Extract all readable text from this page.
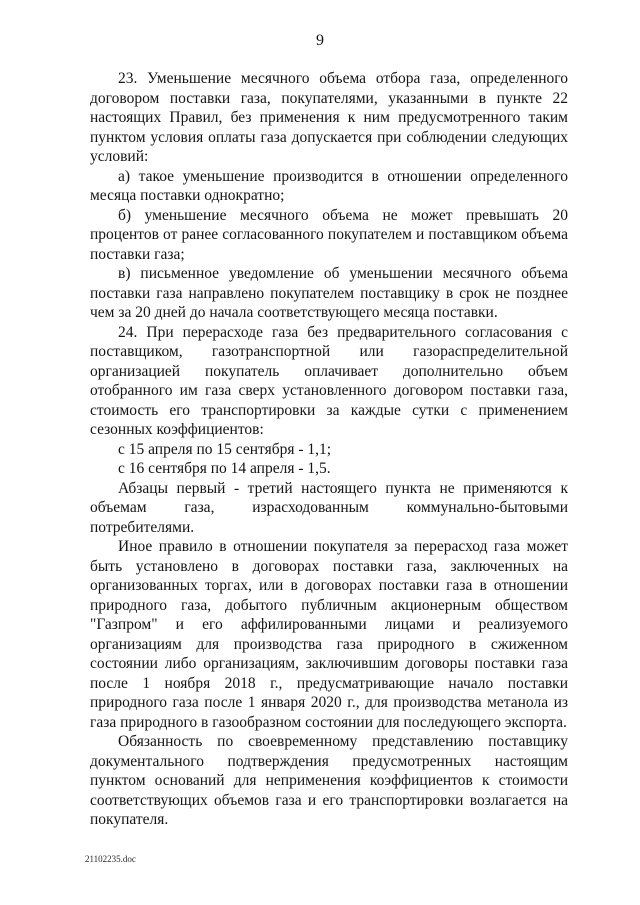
9

23. Уменьшение месячного объема отбора газа, определенного договором поставки газа, покупателями, указанными в пункте 22 настоящих Правил, без применения к ним предусмотренного таким пунктом условия оплаты газа допускается при соблюдении следующих условий:

а) такое уменьшение производится в отношении определенного месяца поставки однократно;

б) уменьшение месячного объема не может превышать 20 процентов от ранее согласованного покупателем и поставщиком объема поставки газа;

в) письменное уведомление об уменьшении месячного объема поставки газа направлено покупателем поставщику в срок не позднее чем за 20 дней до начала соответствующего месяца поставки.

24. При перерасходе газа без предварительного согласования с поставщиком, газотранспортной или газораспределительной организацией покупатель оплачивает дополнительно объем отобранного им газа сверх установленного договором поставки газа, стоимость его транспортировки за каждые сутки с применением сезонных коэффициентов:

с 15 апреля по 15 сентября - 1,1;

с 16 сентября по 14 апреля - 1,5.

Абзацы первый - третий настоящего пункта не применяются к объемам газа, израсходованным коммунально-бытовыми потребителями.

Иное правило в отношении покупателя за перерасход газа может быть установлено в договорах поставки газа, заключенных на организованных торгах, или в договорах поставки газа в отношении природного газа, добытого публичным акционерным обществом "Газпром" и его аффилированными лицами и реализуемого организациям для производства газа природного в сжиженном состоянии либо организациям, заключившим договоры поставки газа после 1 ноября 2018 г., предусматривающие начало поставки природного газа после 1 января 2020 г., для производства метанола из газа природного в газообразном состоянии для последующего экспорта.

Обязанность по своевременному представлению поставщику документального подтверждения предусмотренных настоящим пунктом оснований для неприменения коэффициентов к стоимости соответствующих объемов газа и его транспортировки возлагается на покупателя.

21102235.doc
